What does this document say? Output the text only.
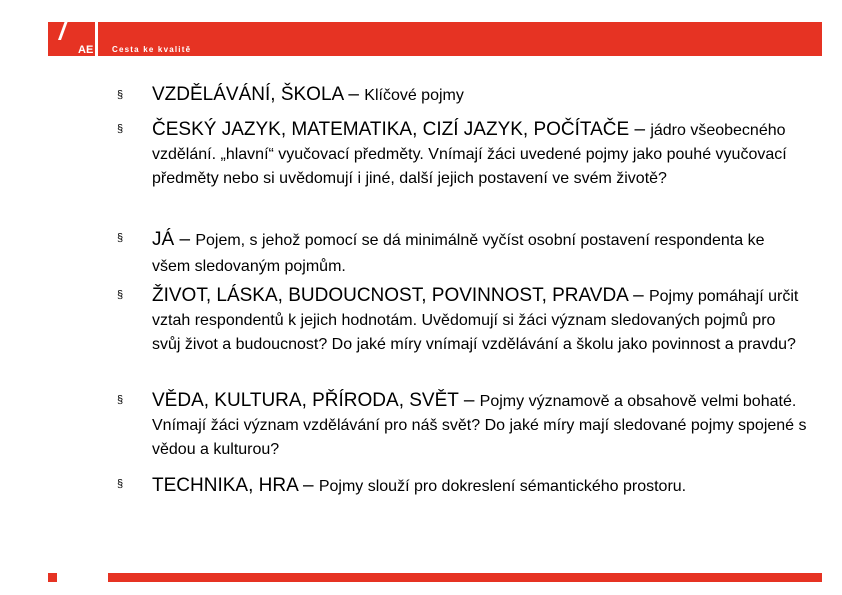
AE Cesta ke kvalitě
§ VZDĚLÁVÁNÍ, ŠKOLA – Klíčové pojmy
§ ČESKÝ JAZYK, MATEMATIKA, CIZÍ JAZYK, POČÍTAČE – jádro všeobecného vzdělání. „hlavní“ vyučovací předměty. Vnímají žáci uvedené pojmy jako pouhé vyučovací předměty nebo si uvědomují i jiné, další jejich postavení ve svém životě?
§ JÁ – Pojem, s jehož pomocí se dá minimálně vyčíst osobní postavení respondenta ke všem sledovaným pojmům.
§ ŽIVOT, LÁSKA, BUDOUCNOST, POVINNOST, PRAVDA – Pojmy pomáhají určit vztah respondentů k jejich hodnotám. Uvědomují si žáci význam sledovaných pojmů pro svůj život a budoucnost? Do jaké míry vnímají vzdělávání a školu jako povinnost a pravdu?
§ VĚDA, KULTURA, PŘÍRODA, SVĚT – Pojmy významově a obsahově velmi bohaté. Vnímají žáci význam vzdělávání pro náš svět? Do jaké míry mají sledované pojmy spojené s vědou a kulturou?
§ TECHNIKA, HRA – Pojmy slouží pro dokreslení sémantického prostoru.
